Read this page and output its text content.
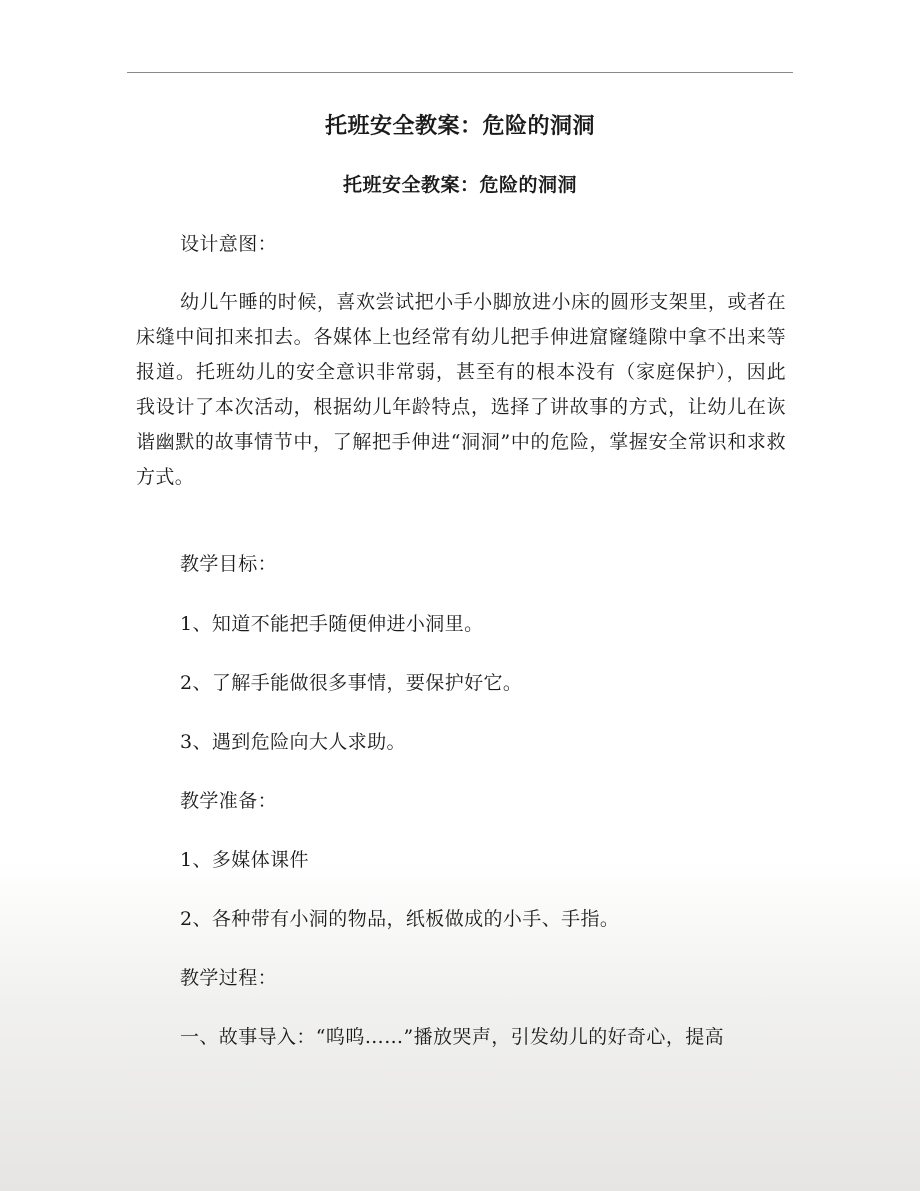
托班安全教案：危险的洞洞
托班安全教案：危险的洞洞
设计意图：
幼儿午睡的时候，喜欢尝试把小手小脚放进小床的圆形支架里，或者在床缝中间扣来扣去。各媒体上也经常有幼儿把手伸进窟窿缝隙中拿不出来等报道。托班幼儿的安全意识非常弱，甚至有的根本没有（家庭保护），因此我设计了本次活动，根据幼儿年龄特点，选择了讲故事的方式，让幼儿在诙谐幽默的故事情节中，了解把手伸进“洞洞”中的危险，掌握安全常识和求救方式。
教学目标：
1、知道不能把手随便伸进小洞里。
2、了解手能做很多事情，要保护好它。
3、遇到危险向大人求助。
教学准备：
1、多媒体课件
2、各种带有小洞的物品，纸板做成的小手、手指。
教学过程：
一、故事导入：“呜呜……”播放哭声，引发幼儿的好奇心，提高
